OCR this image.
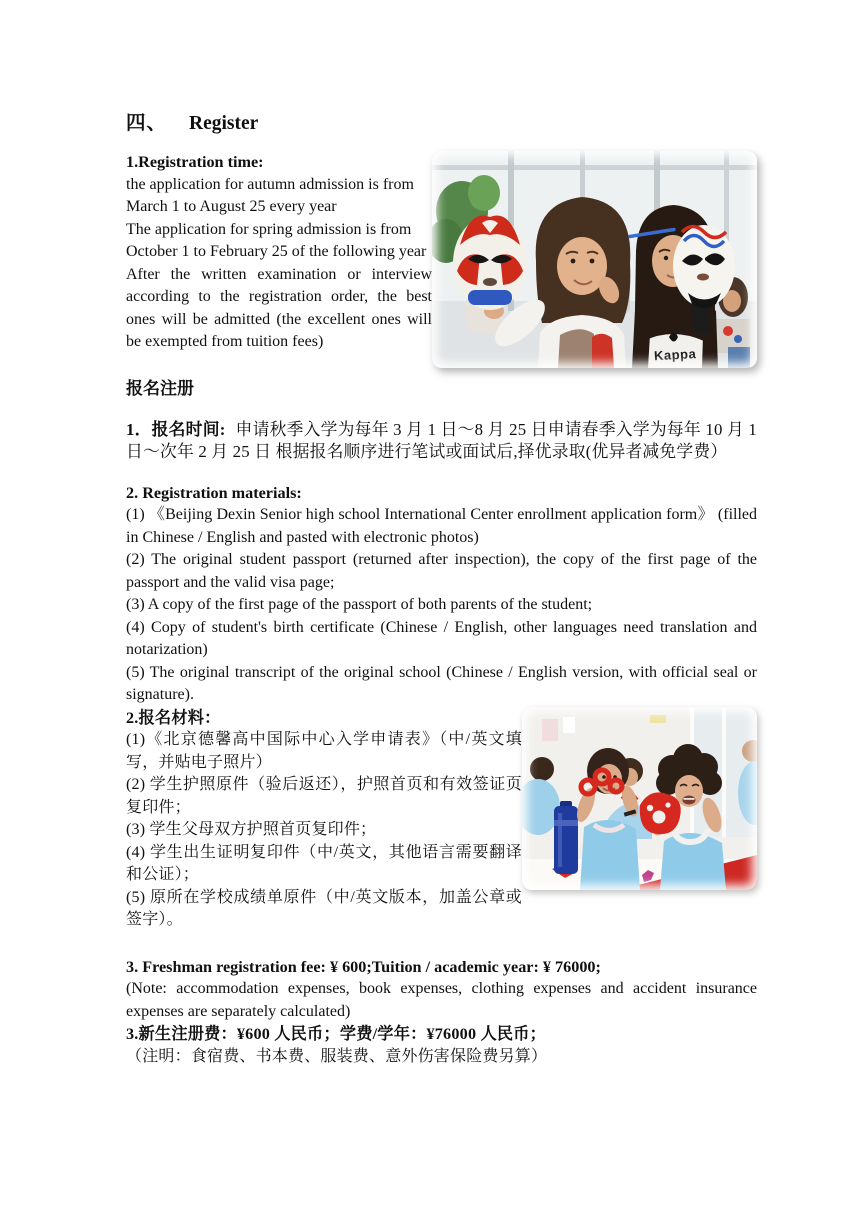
四、 Register
Kappa
1.Registration time:

the application for autumn admission is from March 1 to August 25 every year

The application for spring admission is from October 1 to February 25 of the following year

After the written examination or interview according to the registration order, the best ones will be admitted (the excellent ones will be exempted from tuition fees)

报名注册

1．报名时间: 申请秋季入学为每年 3 月 1 日～8 月 25 日申请春季入学为每年 10 月 1 日～次年 2 月 25 日 根据报名顺序进行笔试或面试后,择优录取(优异者减免学费）

2. Registration materials:

(1) 《Beijing Dexin Senior high school International Center enrollment application form》 (filled in Chinese / English and pasted with electronic photos)

(2) The original student passport (returned after inspection), the copy of the first page of the passport and the valid visa page;

(3) A copy of the first page of the passport of both parents of the student;

(4) Copy of student's birth certificate (Chinese / English, other languages need translation and notarization)

(5) The original transcript of the original school (Chinese / English version, with official seal or signature).

2.报名材料：

(1)《北京德馨高中国际中心入学申请表》（中/英文填写，并贴电子照片）

(2) 学生护照原件（验后返还），护照首页和有效签证页复印件；

(3) 学生父母双方护照首页复印件；

(4) 学生出生证明复印件（中/英文，其他语言需要翻译和公证）；

(5) 原所在学校成绩单原件（中/英文版本，加盖公章或签字）。

3. Freshman registration fee: ¥ 600;Tuition / academic year: ¥ 76000;

(Note: accommodation expenses, book expenses, clothing expenses and accident insurance expenses are separately calculated)

3.新生注册费：¥600 人民币；学费/学年：¥76000 人民币；

（注明：食宿费、书本费、服装费、意外伤害保险费另算）
